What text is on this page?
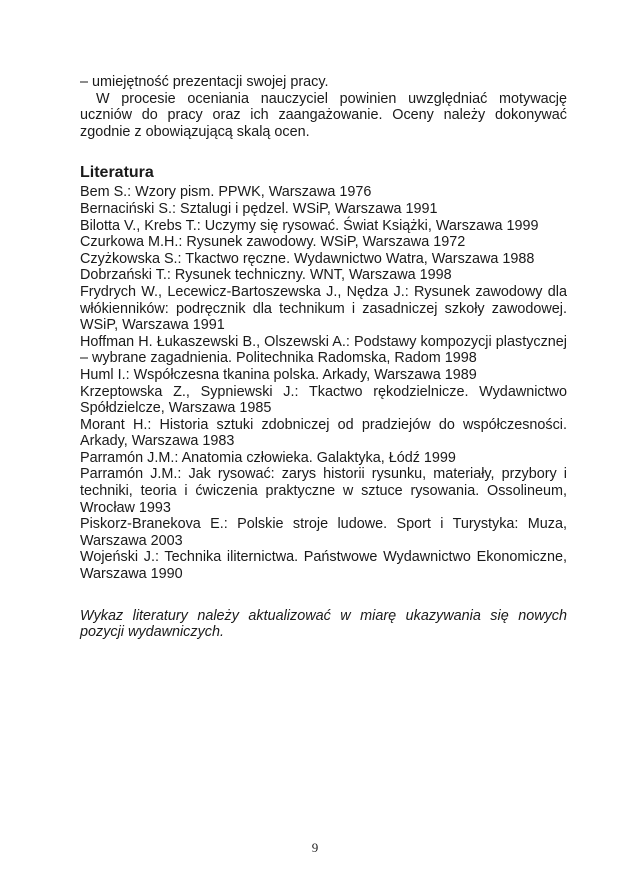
– umiejętność prezentacji swojej pracy.

W procesie oceniania nauczyciel powinien uwzględniać motywację uczniów do pracy oraz ich zaangażowanie. Oceny należy dokonywać zgodnie z obowiązującą skalą ocen.

Literatura
Bem S.: Wzory pism. PPWK, Warszawa 1976
Bernaciński S.: Sztalugi i pędzel. WSiP, Warszawa 1991
Bilotta V., Krebs T.: Uczymy się rysować. Świat Książki, Warszawa 1999
Czurkowa M.H.: Rysunek zawodowy. WSiP, Warszawa 1972
Czyżkowska S.: Tkactwo ręczne. Wydawnictwo Watra, Warszawa 1988
Dobrzański T.: Rysunek techniczny. WNT, Warszawa 1998
Frydrych W., Lecewicz-Bartoszewska J., Nędza J.: Rysunek zawodowy dla włókienników: podręcznik dla technikum i zasadniczej szkoły zawodowej. WSiP, Warszawa 1991
Hoffman H. Łukaszewski B., Olszewski A.: Podstawy kompozycji plastycznej – wybrane zagadnienia. Politechnika Radomska, Radom 1998
Huml I.: Współczesna tkanina polska. Arkady, Warszawa 1989
Krzeptowska Z., Sypniewski J.: Tkactwo rękodzielnicze. Wydawnictwo Spółdzielcze, Warszawa 1985
Morant H.: Historia sztuki zdobniczej od pradziejów do współczesności. Arkady, Warszawa 1983
Parramón J.M.: Anatomia człowieka. Galaktyka, Łódź 1999
Parramón J.M.: Jak rysować: zarys historii rysunku, materiały, przybory i techniki, teoria i ćwiczenia praktyczne w sztuce rysowania. Ossolineum, Wrocław 1993
Piskorz-Branekova E.: Polskie stroje ludowe. Sport i Turystyka: Muza, Warszawa 2003
Wojeński J.: Technika iliternictwa. Państwowe Wydawnictwo Ekonomiczne, Warszawa 1990

Wykaz literatury należy aktualizować w miarę ukazywania się nowych pozycji wydawniczych.

9
